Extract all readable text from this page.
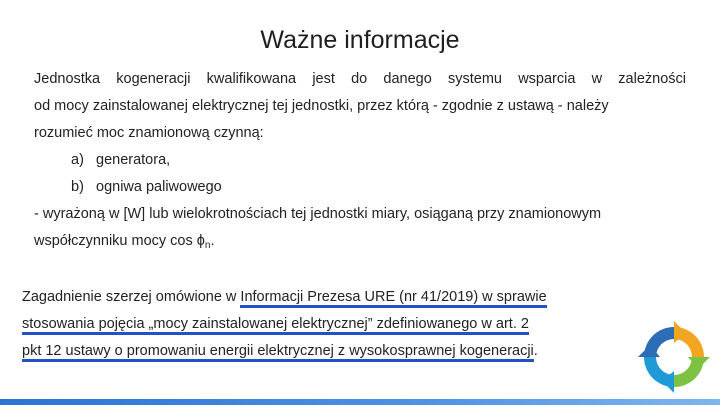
Ważne informacje
Jednostka kogeneracji kwalifikowana jest do danego systemu wsparcia w zależności
od mocy zainstalowanej elektrycznej tej jednostki, przez którą - zgodnie z ustawą - należy
rozumieć moc znamionową czynną:
a) generatora,
b) ogniwa paliwowego
- wyrażoną w [W] lub wielokrotnościach tej jednostki miary, osiąganą przy znamionowym
współczynniku mocy $\cos \phi_n$.
Zagadnienie szerzej omówione w Informacji Prezesa URE (nr 41/2019) w sprawie
stosowania pojęcia „mocy zainstalowanej elektrycznej” zdefiniowanego w art. 2
pkt 12 ustawy o promowaniu energii elektrycznej z wysokosprawnej kogeneracji.
